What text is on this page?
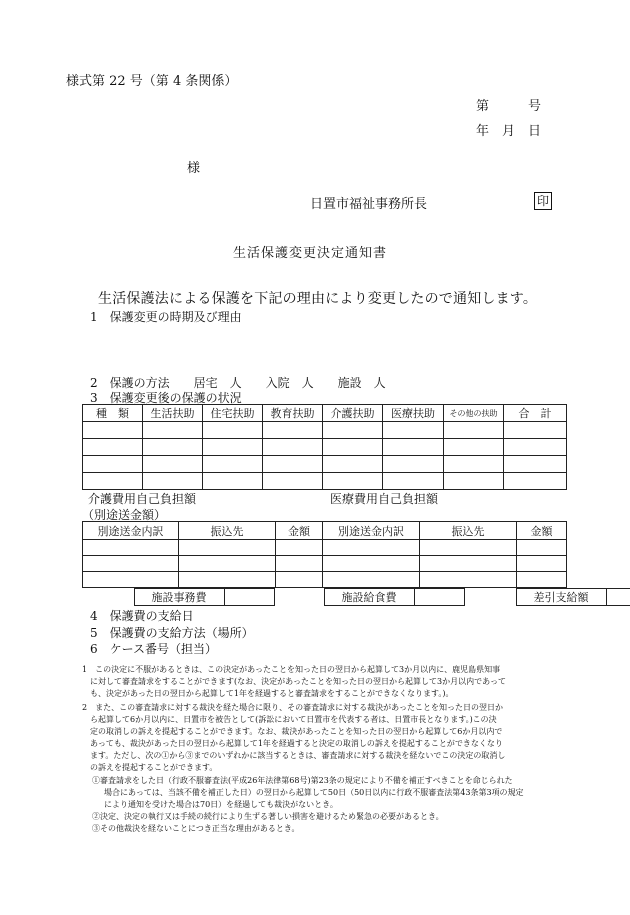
様式第 22 号（第 4 条関係）
第　　　号
年　月　日
様
日置市福祉事務所長	印
生活保護変更決定通知書
生活保護法による保護を下記の理由により変更したので通知します。
1　保護変更の時期及び理由
2　保護の方法　　居宅　人　　入院　人　　施設　人
3　保護変更後の保護の状況
種　類	生活扶助	住宅扶助	教育扶助	介護扶助	医療扶助	その他の扶助	合　計

介護費用自己負担額	医療費用自己負担額
（別途送金額）
別途送金内訳	振込先	金額	別途送金内訳	振込先	金額

	施設事務費			施設給食費			差引支給額	
4　保護費の支給日
5　保護費の支給方法（場所）
6　ケース番号（担当）
1　この決定に不服があるときは、この決定があったことを知った日の翌日から起算して3か月以内に、鹿児島県知事
に対して審査請求をすることができます(なお、決定があったことを知った日の翌日から起算して3か月以内であって
も、決定があった日の翌日から起算して1年を経過すると審査請求をすることができなくなります。)。
2　また、この審査請求に対する裁決を経た場合に限り、その審査請求に対する裁決があったことを知った日の翌日か
ら起算して6か月以内に、日置市を被告として(訴訟において日置市を代表する者は、日置市長となります。)この決
定の取消しの訴えを提起することができます。なお、裁決があったことを知った日の翌日から起算して6か月以内で
あっても、裁決があった日の翌日から起算して1年を経過すると決定の取消しの訴えを提起することができなくなり
ます。ただし、次の①から③までのいずれかに該当するときは、審査請求に対する裁決を経ないでこの決定の取消し
の訴えを提起することができます。
①審査請求をした日（行政不服審査法(平成26年法律第68号)第23条の規定により不備を補正すべきことを命じられた
場合にあっては、当該不備を補正した日）の翌日から起算して50日（50日以内に行政不服審査法第43条第3項の規定
により通知を受けた場合は70日）を経過しても裁決がないとき。
②決定、決定の執行又は手続の続行により生ずる著しい損害を避けるため緊急の必要があるとき。
③その他裁決を経ないことにつき正当な理由があるとき。
